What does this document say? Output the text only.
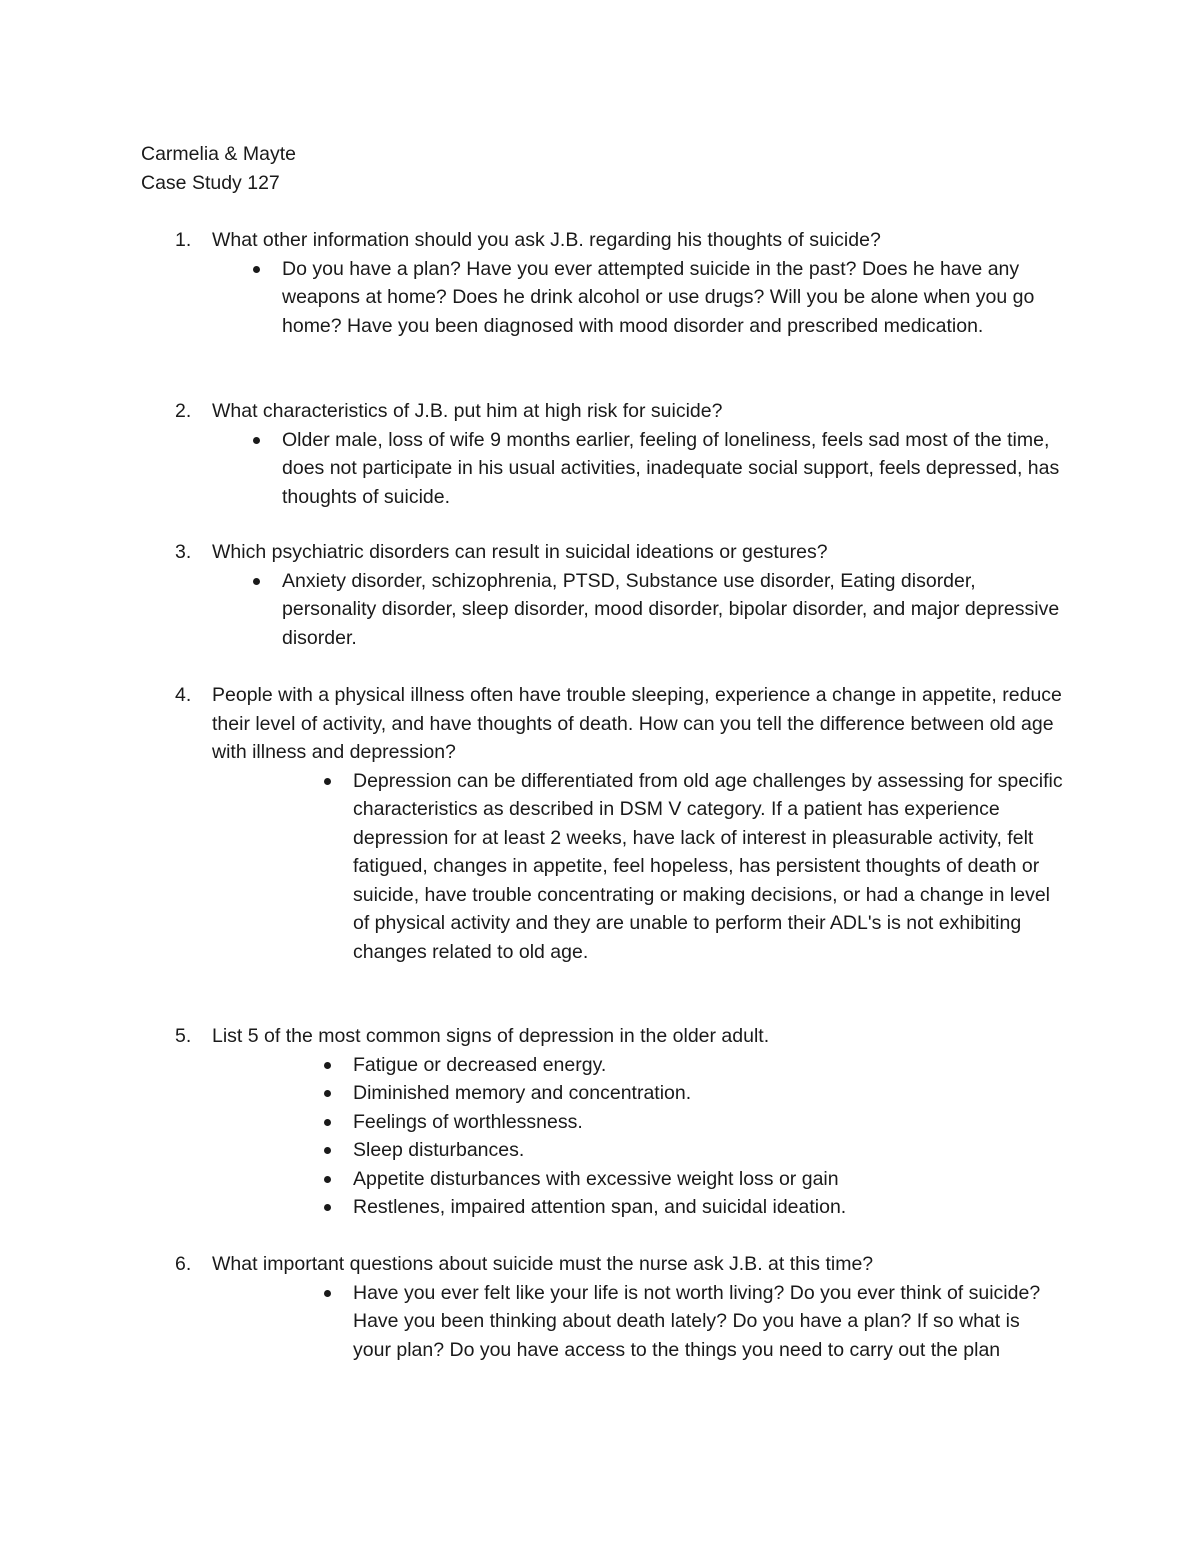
Carmelia & Mayte
Case Study 127
1.	What other information should you ask J.B. regarding his thoughts of suicide?
Do you have a plan? Have you ever attempted suicide in the past? Does he have any weapons at home? Does he drink alcohol or use drugs? Will you be alone when you go home? Have you been diagnosed with mood disorder and prescribed medication.
2.	What characteristics of J.B. put him at high risk for suicide?
Older male, loss of wife 9 months earlier, feeling of loneliness, feels sad most of the time, does not participate in his usual activities, inadequate social support, feels depressed, has thoughts of suicide.
3.	Which psychiatric disorders can result in suicidal ideations or gestures?
Anxiety disorder, schizophrenia, PTSD, Substance use disorder, Eating disorder, personality disorder, sleep disorder, mood disorder, bipolar disorder, and major depressive disorder.
4.	People with a physical illness often have trouble sleeping, experience a change in appetite, reduce their level of activity, and have thoughts of death. How can you tell the difference between old age with illness and depression?
Depression can be differentiated from old age challenges by assessing for specific characteristics as described in DSM V category. If a patient has experience depression for at least 2 weeks, have lack of interest in pleasurable activity, felt fatigued, changes in appetite, feel hopeless, has persistent thoughts of death or suicide, have trouble concentrating or making decisions, or had a change in level of physical activity and they are unable to perform their ADL's is not exhibiting changes related to old age.
5.	List 5 of the most common signs of depression in the older adult.
Fatigue or decreased energy.
Diminished memory and concentration.
Feelings of worthlessness.
Sleep disturbances.
Appetite disturbances with excessive weight loss or gain
Restlenes, impaired attention span, and suicidal ideation.
6.	What important questions about suicide must the nurse ask J.B. at this time?
Have you ever felt like your life is not worth living? Do you ever think of suicide? Have you been thinking about death lately? Do you have a plan? If so what is your plan? Do you have access to the things you need to carry out the plan
